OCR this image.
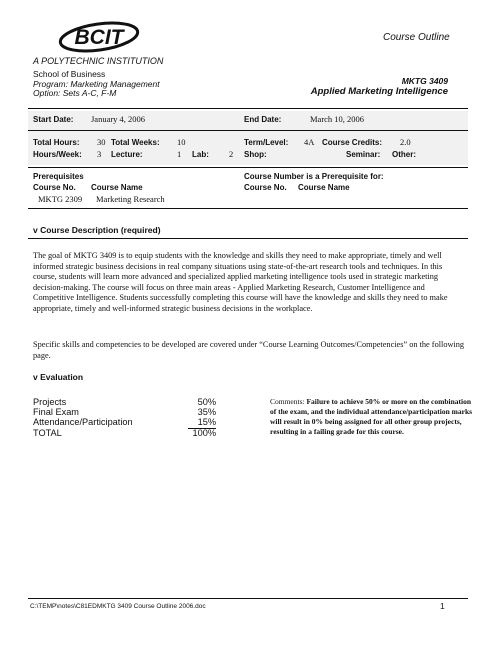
BCIT
A POLYTECHNIC INSTITUTION
Course Outline
School of Business
Program: Marketing Management
Option: Sets A-C, F-M
MKTG 3409
Applied Marketing Intelligence
Start Date: January 4, 2006	End Date:	March 10, 2006
Total Hours: 30 Total Weeks: 10	Term/Level: 4A Course Credits: 2.0
Hours/Week: 3 Lecture:	1 Lab: 2 Shop:	Seminar: Other:
Prerequisites	Course Number is a Prerequisite for:
Course No. Course Name	Course No. Course Name
MKTG 2309 Marketing Research
v Course Description (required)
The goal of MKTG 3409 is to equip students with the knowledge and skills they need to make appropriate, timely and well informed strategic business decisions in real company situations using state-of-the-art research tools and techniques. In this course, students will learn more advanced and specialized applied marketing intelligence tools used in strategic marketing decision-making. The course will focus on three main areas - Applied Marketing Research, Customer Intelligence and Competitive Intelligence. Students successfully completing this course will have the knowledge and skills they need to make appropriate, timely and well-informed strategic business decisions in the workplace.
Specific skills and competencies to be developed are covered under “Course Learning Outcomes/Competencies” on the following page.
v Evaluation
Projects	50%
Final Exam	35%
Attendance/Participation	15%
TOTAL	100%
Comments: Failure to achieve 50% or more on the combination of the exam, and the individual attendance/participation marks will result in 0% being assigned for all other group projects, resulting in a failing grade for this course.
C:\TEMP\notes\C81EDMKTG 3409 Course Outline 2006.doc	1
